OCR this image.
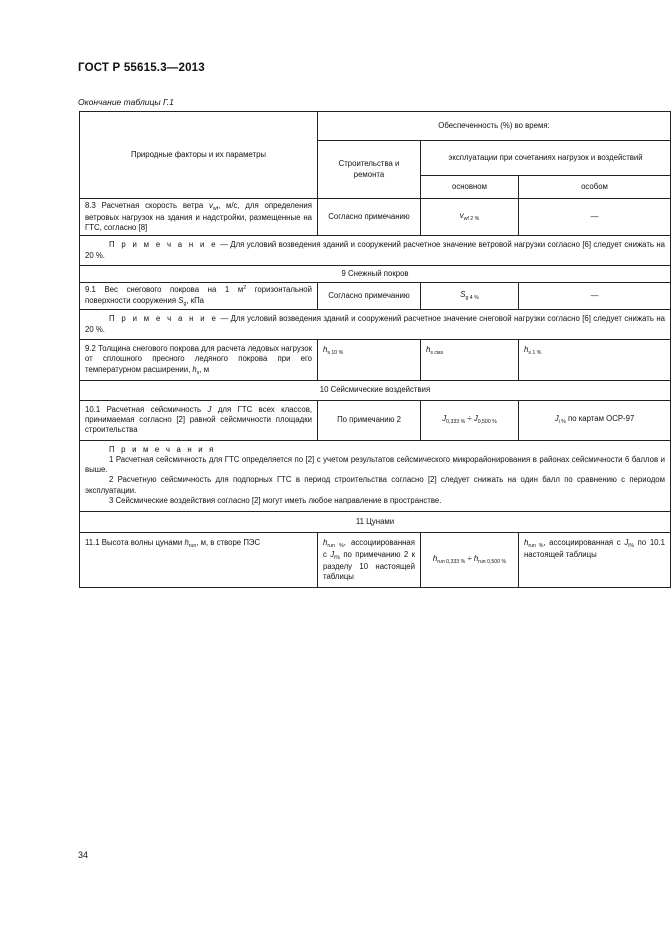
ГОСТ Р 55615.3—2013
Окончание таблицы Г.1
Природные факторы и их параметры	Обеспеченность (%) во время:		
	Строительства и ремонта	эксплуатации при сочетаниях нагрузок и воздействий	
		основном	особом
8.3 Расчетная скорость ветра $v_{wf}$, м/с, для определения ветровых нагрузок на здания и надстройки, размещенные на ГТС, согласно [8]	Согласно примечанию	$v_{wf 2 \%}$	—
П р и м е ч а н и е — Для условий возведения зданий и сооружений расчетное значение ветровой нагрузки согласно [6] следует снижать на 20 %.			
9 Снежный покров			
9.1 Вес снегового покрова на 1 $м^2$ горизонтальной поверхности сооружения $S_g$, кПа	Согласно примечанию	$S_{g 4 \%}$	—
П р и м е ч а н и е — Для условий возведения зданий и сооружений расчетное значение снеговой нагрузки согласно [6] следует снижать на 20 %.			
9.2 Толщина снегового покрова для расчета ледовых нагрузок от сплошного пресного ледяного покрова при его температурном расширении, $h_s$, м	$h_{s 10 \%}$	$h_{s смз}$	$h_{s 1 \%}$
10 Сейсмические воздействия			
10.1 Расчетная сейсмичность J для ГТС всех классов, принимаемая согласно [2] равной сейсмичности площадки строительства	По примечанию 2	$J_{0,333 \%} \div J_{0,500 \%}$	$J_{i \%}$ по картам ОСР-97

П р и м е ч а н и я
1 Расчетная сейсмичность для ГТС определяется по [2] с учетом результатов сейсмического микрорайонирования в районах сейсмичности 6 баллов и выше.
2 Расчетную сейсмичность для подпорных ГТС в период строительства согласно [2] следует снижать на один балл по сравнению с периодом эксплуатации.
3 Сейсмические воздействия согласно [2] могут иметь любое направление в пространстве.			

11 Цунами			
11.1 Высота волны цунами $h_{run}$, м, в створе ПЭС	$h_{run \%}$, ассоциированная с $J_{i\%}$ по примечанию 2 к разделу 10 настоящей таблицы	$h_{run 0,333 \%} \div h_{run 0,500 \%}$	$h_{run \%}$, ассоциированная с $J_{i\%}$ по 10.1 настоящей таблицы
34
